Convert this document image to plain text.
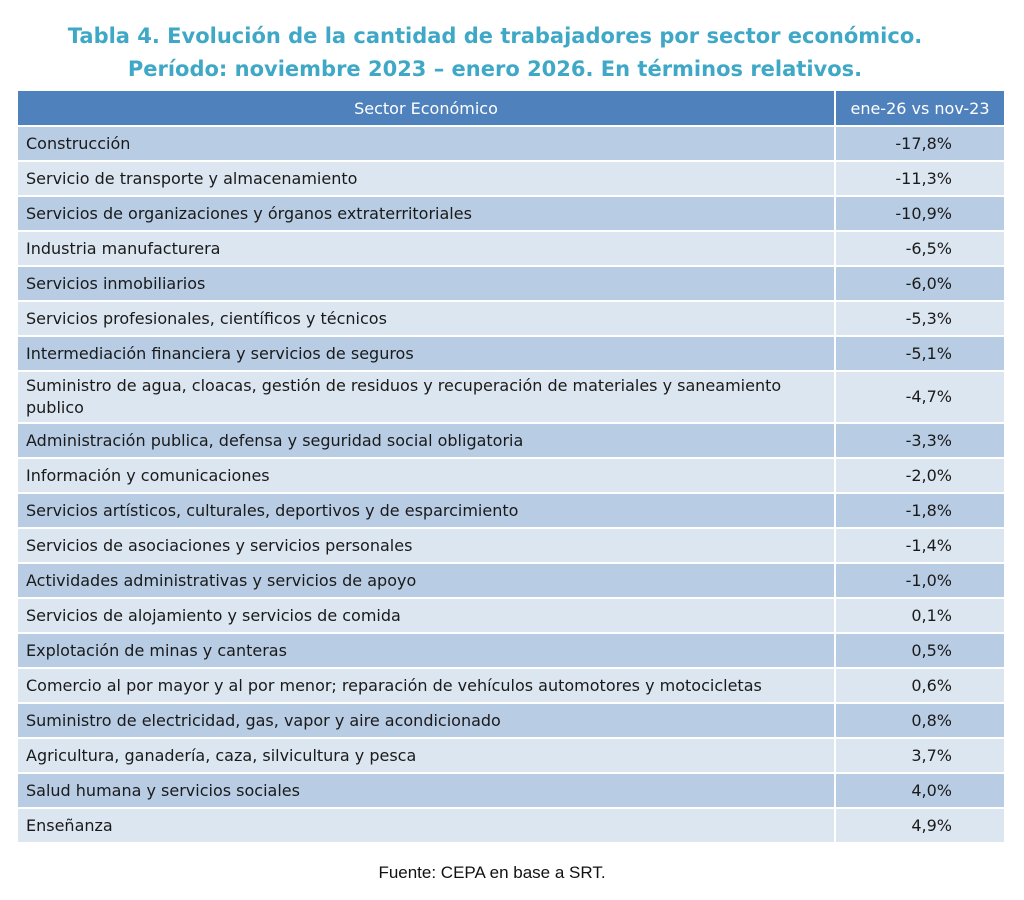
Tabla 4. Evolución de la cantidad de trabajadores por sector económico.
Período: noviembre 2023 – enero 2026. En términos relativos.
Sector Económico	ene-26 vs nov-23
Construcción	-17,8%
Servicio de transporte y almacenamiento	-11,3%
Servicios de organizaciones y órganos extraterritoriales	-10,9%
Industria manufacturera	-6,5%
Servicios inmobiliarios	-6,0%
Servicios profesionales, científicos y técnicos	-5,3%
Intermediación financiera y servicios de seguros	-5,1%
Suministro de agua, cloacas, gestión de residuos y recuperación de materiales y saneamiento publico	-4,7%
Administración publica, defensa y seguridad social obligatoria	-3,3%
Información y comunicaciones	-2,0%
Servicios artísticos, culturales, deportivos y de esparcimiento	-1,8%
Servicios de asociaciones y servicios personales	-1,4%
Actividades administrativas y servicios de apoyo	-1,0%
Servicios de alojamiento y servicios de comida	0,1%
Explotación de minas y canteras	0,5%
Comercio al por mayor y al por menor; reparación de vehículos automotores y motocicletas	0,6%
Suministro de electricidad, gas, vapor y aire acondicionado	0,8%
Agricultura, ganadería, caza, silvicultura y pesca	3,7%
Salud humana y servicios sociales	4,0%
Enseñanza	4,9%
Fuente: CEPA en base a SRT.
